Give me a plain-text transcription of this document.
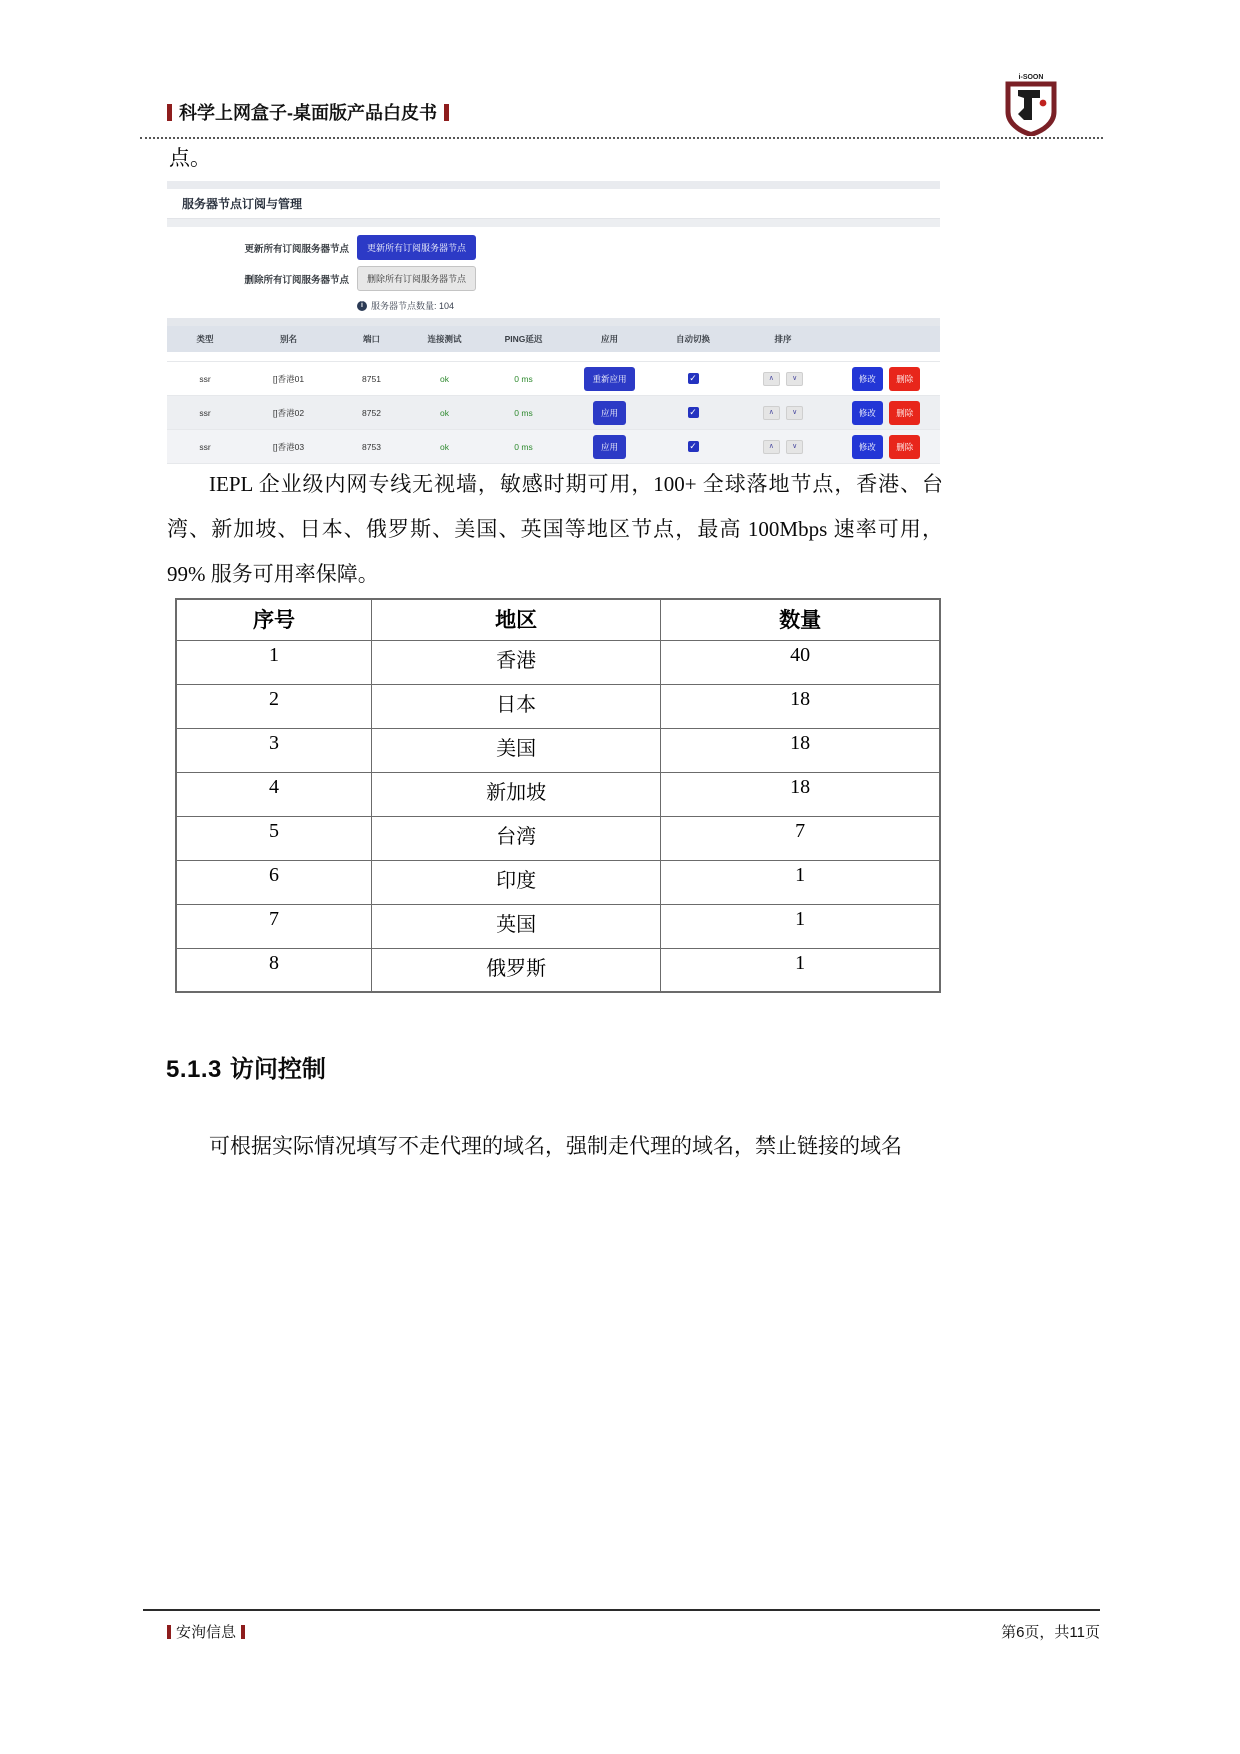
科学上网盒子-桌面版产品白皮书
i-SOON
点。
服务器节点订阅与管理
更新所有订阅服务器节点	更新所有订阅服务器节点
删除所有订阅服务器节点	删除所有订阅服务器节点
i 服务器节点数量: 104
类型	别名	端口	连接测试	PING延迟	应用	自动切换	排序
ssr	[]香港01	8751	ok	0 ms	重新应用	✓	∧	∨	修改 删除
ssr	[]香港02	8752	ok	0 ms	应用	✓	∧	∨	修改 删除
ssr	[]香港03	8753	ok	0 ms	应用	✓	∧	∨	修改 删除
IEPL 企业级内网专线无视墙，敏感时期可用，100+ 全球落地节点，香港、台湾、新加坡、日本、俄罗斯、美国、英国等地区节点，最高 100Mbps 速率可用，99% 服务可用率保障。
序号	地区	数量
1	香港	40
2	日本	18
3	美国	18
4	新加坡	18
5	台湾	7
6	印度	1
7	英国	1
8	俄罗斯	1
5.1.3 访问控制
可根据实际情况填写不走代理的域名，强制走代理的域名，禁止链接的域名
安洵信息	第6页，共11页
